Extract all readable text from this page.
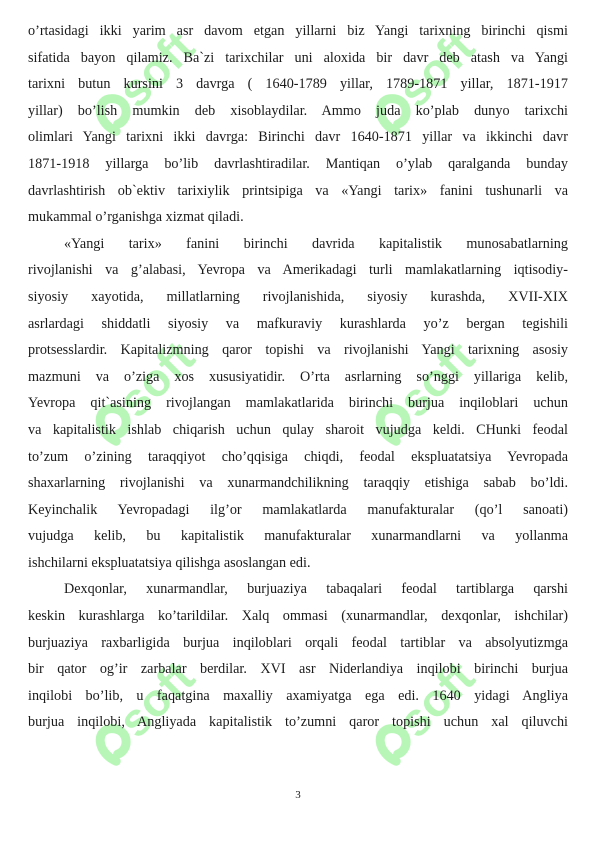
soft	soft
soft	soft
soft	soft
o’rtasidagi ikki yarim asr davom etgan yillarni biz Yangi tarixning birinchi qismi
sifatida bayon qilamiz. Ba`zi tarixchilar uni aloxida bir davr deb atash va Yangi
tarixni butun kursini 3 davrga ( 1640-1789 yillar, 1789-1871 yillar, 1871-1917
yillar) bo’lish mumkin deb xisoblaydilar. Ammo juda ko’plab dunyo tarixchi
olimlari Yangi tarixni ikki davrga: Birinchi davr 1640-1871 yillar va ikkinchi davr
1871-1918 yillarga bo’lib davrlashtiradilar. Mantiqan o’ylab qaralganda bunday
davrlashtirish ob`ektiv tarixiylik printsipiga va «Yangi tarix» fanini tushunarli va
mukammal o’rganishga xizmat qiladi.
«Yangi tarix» fanini birinchi davrida kapitalistik munosabatlarning
rivojlanishi va g’alabasi, Yevropa va Amerikadagi turli mamlakatlarning iqtisodiy-
siyosiy xayotida, millatlarning rivojlanishida, siyosiy kurashda, XVII-XIX
asrlardagi shiddatli siyosiy va mafkuraviy kurashlarda yo’z bergan tegishili
protsesslardir. Kapitalizmning qaror topishi va rivojlanishi Yangi tarixning asosiy
mazmuni va o’ziga xos xususiyatidir. O’rta asrlarning so’nggi yillariga kelib,
Yevropa qit`asining rivojlangan mamlakatlarida birinchi burjua inqiloblari uchun
va kapitalistik ishlab chiqarish uchun qulay sharoit vujudga keldi. CHunki feodal
to’zum o’zining taraqqiyot cho’qqisiga chiqdi, feodal ekspluatatsiya Yevropada
shaxarlarning rivojlanishi va xunarmandchilikning taraqqiy etishiga sabab bo’ldi.
Keyinchalik Yevropadagi ilg’or mamlakatlarda manufakturalar (qo’l sanoati)
vujudga kelib, bu kapitalistik manufakturalar xunarmandlarni va yollanma
ishchilarni ekspluatatsiya qilishga asoslangan edi.
Dexqonlar, xunarmandlar, burjuaziya tabaqalari feodal tartiblarga qarshi
keskin kurashlarga ko’tarildilar. Xalq ommasi (xunarmandlar, dexqonlar, ishchilar)
burjuaziya raxbarligida burjua inqiloblari orqali feodal tartiblar va absolyutizmga
bir qator og’ir zarbalar berdilar. XVI asr Niderlandiya inqilobi birinchi burjua
inqilobi bo’lib, u faqatgina maxalliy axamiyatga ega edi. 1640 yidagi Angliya
burjua inqilobi, Angliyada kapitalistik to’zumni qaror topishi uchun xal qiluvchi
3
